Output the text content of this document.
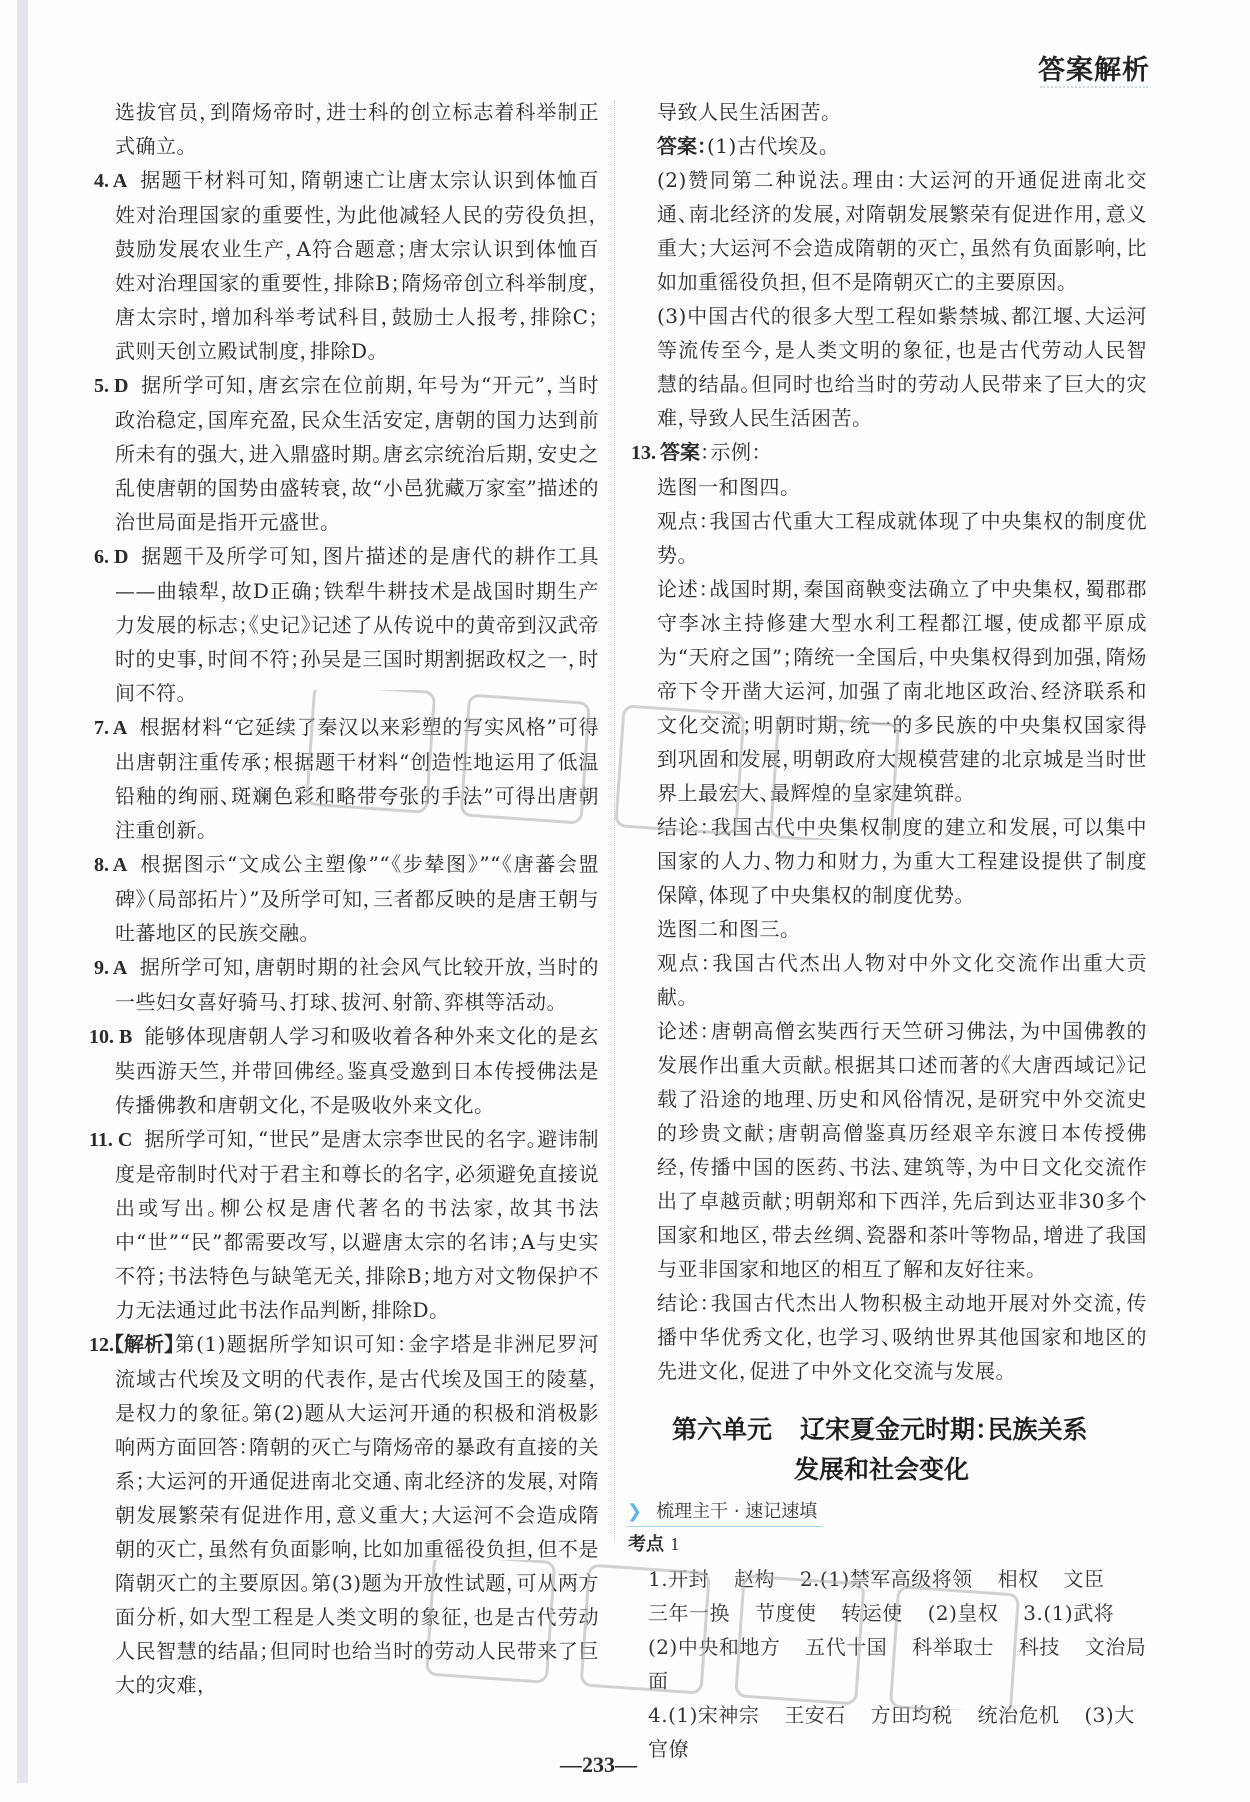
答案解析

选拔官员，到隋炀帝时，进士科的创立标志着科举制正式确立。

4. A 据题干材料可知，隋朝速亡让唐太宗认识到体恤百姓对治理国家的重要性，为此他减轻人民的劳役负担，鼓励发展农业生产，A符合题意；唐太宗认识到体恤百姓对治理国家的重要性，排除B；隋炀帝创立科举制度，唐太宗时，增加科举考试科目，鼓励士人报考，排除C；武则天创立殿试制度，排除D。

5. D 据所学可知，唐玄宗在位前期，年号为“开元”，当时政治稳定，国库充盈，民众生活安定，唐朝的国力达到前所未有的强大，进入鼎盛时期。唐玄宗统治后期，安史之乱使唐朝的国势由盛转衰，故“小邑犹藏万家室”描述的治世局面是指开元盛世。

6. D 据题干及所学可知，图片描述的是唐代的耕作工具——曲辕犁，故D正确；铁犁牛耕技术是战国时期生产力发展的标志；《史记》记述了从传说中的黄帝到汉武帝时的史事，时间不符；孙吴是三国时期割据政权之一，时间不符。

7. A 根据材料“它延续了秦汉以来彩塑的写实风格”可得出唐朝注重传承；根据题干材料“创造性地运用了低温铅釉的绚丽、斑斓色彩和略带夸张的手法”可得出唐朝注重创新。

8. A 根据图示“文成公主塑像”“《步辇图》”“《唐蕃会盟碑》（局部拓片）”及所学可知，三者都反映的是唐王朝与吐蕃地区的民族交融。

9. A 据所学可知，唐朝时期的社会风气比较开放，当时的一些妇女喜好骑马、打球、拔河、射箭、弈棋等活动。

10. B 能够体现唐朝人学习和吸收着各种外来文化的是玄奘西游天竺，并带回佛经。鉴真受邀到日本传授佛法是传播佛教和唐朝文化，不是吸收外来文化。

11. C 据所学可知，“世民”是唐太宗李世民的名字。避讳制度是帝制时代对于君主和尊长的名字，必须避免直接说出或写出。柳公权是唐代著名的书法家，故其书法中“世”“民”都需要改写，以避唐太宗的名讳；A与史实不符；书法特色与缺笔无关，排除B；地方对文物保护不力无法通过此书法作品判断，排除D。

12.【解析】第(1)题据所学知识可知：金字塔是非洲尼罗河流域古代埃及文明的代表作，是古代埃及国王的陵墓，是权力的象征。第(2)题从大运河开通的积极和消极影响两方面回答：隋朝的灭亡与隋炀帝的暴政有直接的关系；大运河的开通促进南北交通、南北经济的发展，对隋朝发展繁荣有促进作用，意义重大；大运河不会造成隋朝的灭亡，虽然有负面影响，比如加重徭役负担，但不是隋朝灭亡的主要原因。第(3)题为开放性试题，可从两方面分析，如大型工程是人类文明的象征，也是古代劳动人民智慧的结晶；但同时也给当时的劳动人民带来了巨大的灾难，

导致人民生活困苦。

答案：(1)古代埃及。

(2)赞同第二种说法。理由：大运河的开通促进南北交通、南北经济的发展，对隋朝发展繁荣有促进作用，意义重大；大运河不会造成隋朝的灭亡，虽然有负面影响，比如加重徭役负担，但不是隋朝灭亡的主要原因。

(3)中国古代的很多大型工程如紫禁城、都江堰、大运河等流传至今，是人类文明的象征，也是古代劳动人民智慧的结晶。但同时也给当时的劳动人民带来了巨大的灾难，导致人民生活困苦。

13. 答案：示例：

选图一和图四。

观点：我国古代重大工程成就体现了中央集权的制度优势。

论述：战国时期，秦国商鞅变法确立了中央集权，蜀郡郡守李冰主持修建大型水利工程都江堰，使成都平原成为“天府之国”；隋统一全国后，中央集权得到加强，隋炀帝下令开凿大运河，加强了南北地区政治、经济联系和文化交流；明朝时期，统一的多民族的中央集权国家得到巩固和发展，明朝政府大规模营建的北京城是当时世界上最宏大、最辉煌的皇家建筑群。

结论：我国古代中央集权制度的建立和发展，可以集中国家的人力、物力和财力，为重大工程建设提供了制度保障，体现了中央集权的制度优势。

选图二和图三。

观点：我国古代杰出人物对中外文化交流作出重大贡献。

论述：唐朝高僧玄奘西行天竺研习佛法，为中国佛教的发展作出重大贡献。根据其口述而著的《大唐西域记》记载了沿途的地理、历史和风俗情况，是研究中外交流史的珍贵文献；唐朝高僧鉴真历经艰辛东渡日本传授佛经，传播中国的医药、书法、建筑等，为中日文化交流作出了卓越贡献；明朝郑和下西洋，先后到达亚非30多个国家和地区，带去丝绸、瓷器和茶叶等物品，增进了我国与亚非国家和地区的相互了解和友好往来。

结论：我国古代杰出人物积极主动地开展对外交流，传播中华优秀文化，也学习、吸纳世界其他国家和地区的先进文化，促进了中外文化交流与发展。

第六单元 辽宋夏金元时期：民族关系
发展和社会变化
❯ 梳理主干 · 速记速填
考点 1
1.开封 赵构 2.(1)禁军高级将领 相权 文臣 三年一换 节度使 转运使 (2)皇权 3.(1)武将 (2)中央和地方 五代十国 科举取士 科技 文治局面
4.(1)宋神宗 王安石 方田均税 统治危机 (3)大官僚
—233—
